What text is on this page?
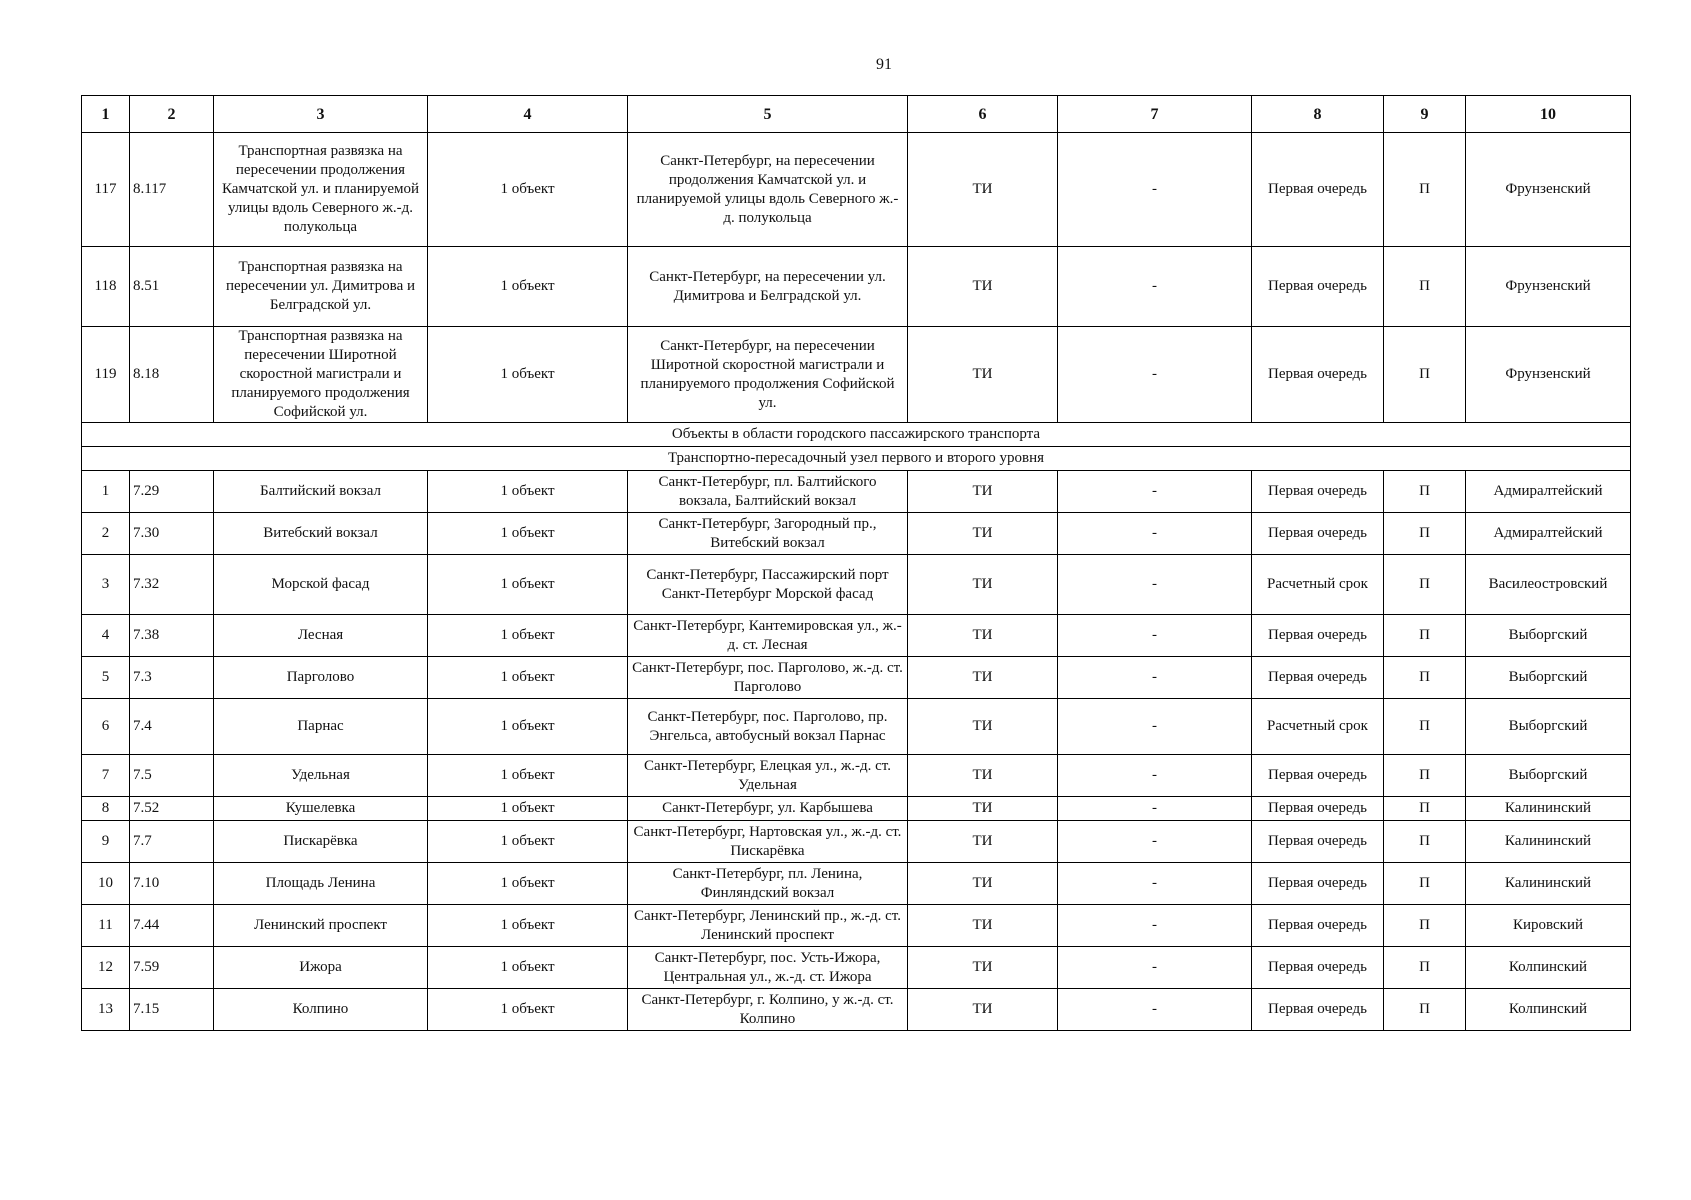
91
1	2	3	4	5	6	7	8	9	10
117	8.117	Транспортная развязка на пересечении продолжения Камчатской ул. и планируемой улицы вдоль Северного ж.-д. полукольца	1 объект	Санкт-Петербург, на пересечении продолжения Камчатской ул. и планируемой улицы вдоль Северного ж.-д. полукольца	ТИ	-	Первая очередь	П	Фрунзенский
118	8.51	Транспортная развязка на пересечении ул. Димитрова и Белградской ул.	1 объект	Санкт-Петербург, на пересечении ул. Димитрова и Белградской ул.	ТИ	-	Первая очередь	П	Фрунзенский
119	8.18	Транспортная развязка на пересечении Широтной скоростной магистрали и планируемого продолжения Софийской ул.	1 объект	Санкт-Петербург, на пересечении Широтной скоростной магистрали и планируемого продолжения Софийской ул.	ТИ	-	Первая очередь	П	Фрунзенский
Объекты в области городского пассажирского транспорта									
Транспортно-пересадочный узел первого и второго уровня									
1	7.29	Балтийский вокзал	1 объект	Санкт-Петербург, пл. Балтийского вокзала, Балтийский вокзал	ТИ	-	Первая очередь	П	Адмиралтейский
2	7.30	Витебский вокзал	1 объект	Санкт-Петербург, Загородный пр., Витебский вокзал	ТИ	-	Первая очередь	П	Адмиралтейский
3	7.32	Морской фасад	1 объект	Санкт-Петербург, Пассажирский порт Санкт-Петербург Морской фасад	ТИ	-	Расчетный срок	П	Василеостровский
4	7.38	Лесная	1 объект	Санкт-Петербург, Кантемировская ул., ж.-д. ст. Лесная	ТИ	-	Первая очередь	П	Выборгский
5	7.3	Парголово	1 объект	Санкт-Петербург, пос. Парголово, ж.-д. ст. Парголово	ТИ	-	Первая очередь	П	Выборгский
6	7.4	Парнас	1 объект	Санкт-Петербург, пос. Парголово, пр. Энгельса, автобусный вокзал Парнас	ТИ	-	Расчетный срок	П	Выборгский
7	7.5	Удельная	1 объект	Санкт-Петербург, Елецкая ул., ж.-д. ст. Удельная	ТИ	-	Первая очередь	П	Выборгский
8	7.52	Кушелевка	1 объект	Санкт-Петербург, ул. Карбышева	ТИ	-	Первая очередь	П	Калининский
9	7.7	Пискарёвка	1 объект	Санкт-Петербург, Нартовская ул., ж.-д. ст. Пискарёвка	ТИ	-	Первая очередь	П	Калининский
10	7.10	Площадь Ленина	1 объект	Санкт-Петербург, пл. Ленина, Финляндский вокзал	ТИ	-	Первая очередь	П	Калининский
11	7.44	Ленинский проспект	1 объект	Санкт-Петербург, Ленинский пр., ж.-д. ст. Ленинский проспект	ТИ	-	Первая очередь	П	Кировский
12	7.59	Ижора	1 объект	Санкт-Петербург, пос. Усть-Ижора, Центральная ул., ж.-д. ст. Ижора	ТИ	-	Первая очередь	П	Колпинский
13	7.15	Колпино	1 объект	Санкт-Петербург, г. Колпино, у ж.-д. ст. Колпино	ТИ	-	Первая очередь	П	Колпинский
